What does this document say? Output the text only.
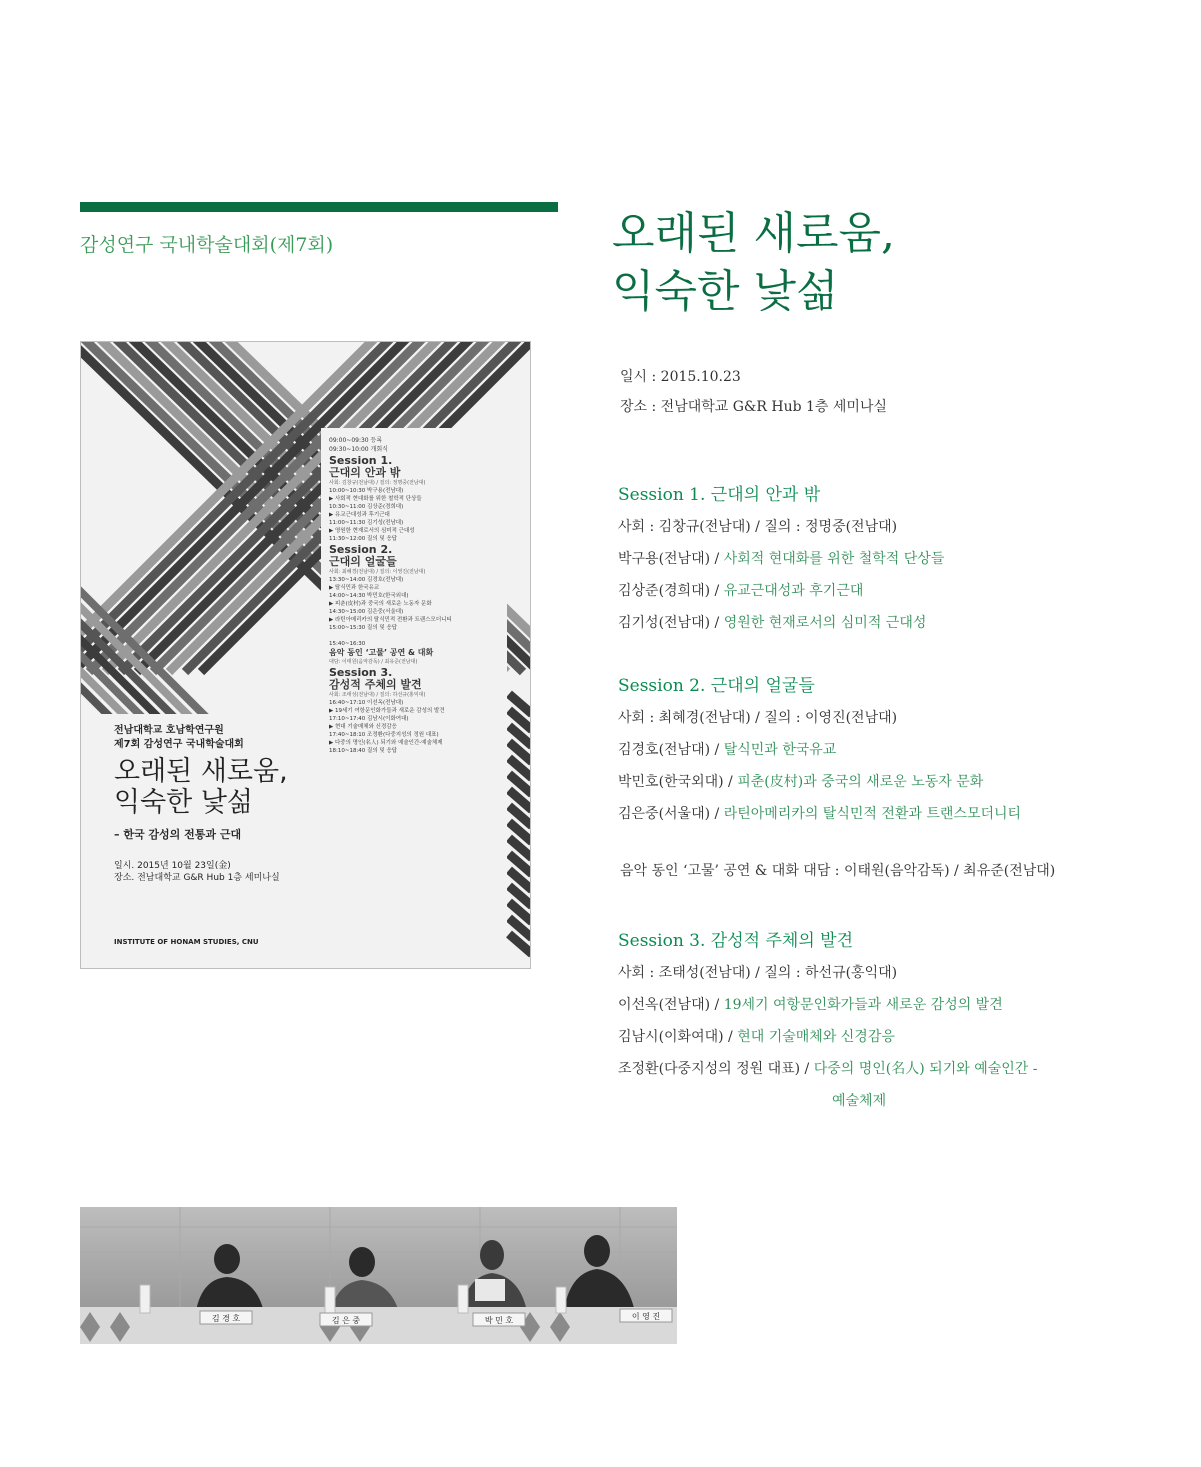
감성연구 국내학술대회(제7회)
09:00~09:30 등록
09:30~10:00 개회식
Session 1.
근대의 안과 밖
사회: 김창규(전남대) / 질의: 정명중(전남대)
10:00~10:30 박구용(전남대)
▶ 사회적 현대화를 위한 철학적 단상들
10:30~11:00 김상준(경희대)
▶ 유교근대성과 후기근대
11:00~11:30 김기성(전남대)
▶ 영원한 현재로서의 심미적 근대성
11:30~12:00 질의 및 응답
Session 2.
근대의 얼굴들
사회: 최혜경(전남대) / 질의: 이영진(전남대)
13:30~14:00 김경호(전남대)
▶ 탈식민과 한국유교
14:00~14:30 박민호(한국외대)
▶ 피춘(皮村)과 중국의 새로운 노동자 문화
14:30~15:00 김은중(서울대)
▶ 라틴아메리카의 탈식민적 전환과 트랜스모더니티
15:00~15:30 질의 및 응답
15:40~16:30
음악 동인 ‘고물’ 공연 & 대화
대담: 이태원(음악감독) / 최유준(전남대)
Session 3.
감성적 주체의 발견
사회: 조태성(전남대) / 질의: 하선규(홍익대)
16:40~17:10 이선옥(전남대)
▶ 19세기 여항문인화가들과 새로운 감성의 발견
17:10~17:40 김남시(이화여대)
▶ 현대 기술매체와 신경감응
17:40~18:10 조정환(다중지성의 정원 대표)
▶ 다중의 명인(名人) 되기와 예술인간-예술체제
18:10~18:40 질의 및 응답
전남대학교 호남학연구원
제7회 감성연구 국내학술대회
오래된 새로움,
익숙한 낯섦
– 한국 감성의 전통과 근대
일시. 2015년 10월 23일(金)
장소. 전남대학교 G&R Hub 1층 세미나실
INSTITUTE OF HONAM STUDIES, CNU
오래된 새로움,
익숙한 낯섦
일시 : 2015.10.23
장소 : 전남대학교 G&R Hub 1층 세미나실
Session 1. 근대의 안과 밖
사회 : 김창규(전남대) / 질의 : 정명중(전남대)
박구용(전남대) / 사회적 현대화를 위한 철학적 단상들
김상준(경희대) / 유교근대성과 후기근대
김기성(전남대) / 영원한 현재로서의 심미적 근대성
Session 2. 근대의 얼굴들
사회 : 최혜경(전남대) / 질의 : 이영진(전남대)
김경호(전남대) / 탈식민과 한국유교
박민호(한국외대) / 피춘(皮村)과 중국의 새로운 노동자 문화
김은중(서울대) / 라틴아메리카의 탈식민적 전환과 트랜스모더니티
음악 동인 ‘고물’ 공연 & 대화 대담 : 이태원(음악감독) / 최유준(전남대)
Session 3. 감성적 주체의 발견
사회 : 조태성(전남대) / 질의 : 하선규(홍익대)
이선옥(전남대) / 19세기 여항문인화가들과 새로운 감성의 발견
김남시(이화여대) / 현대 기술매체와 신경감응
조정환(다중지성의 정원 대표) / 다중의 명인(名人) 되기와 예술인간 -
예술체제
김 경 호	김 은 중	박 민 호	이 영 진
